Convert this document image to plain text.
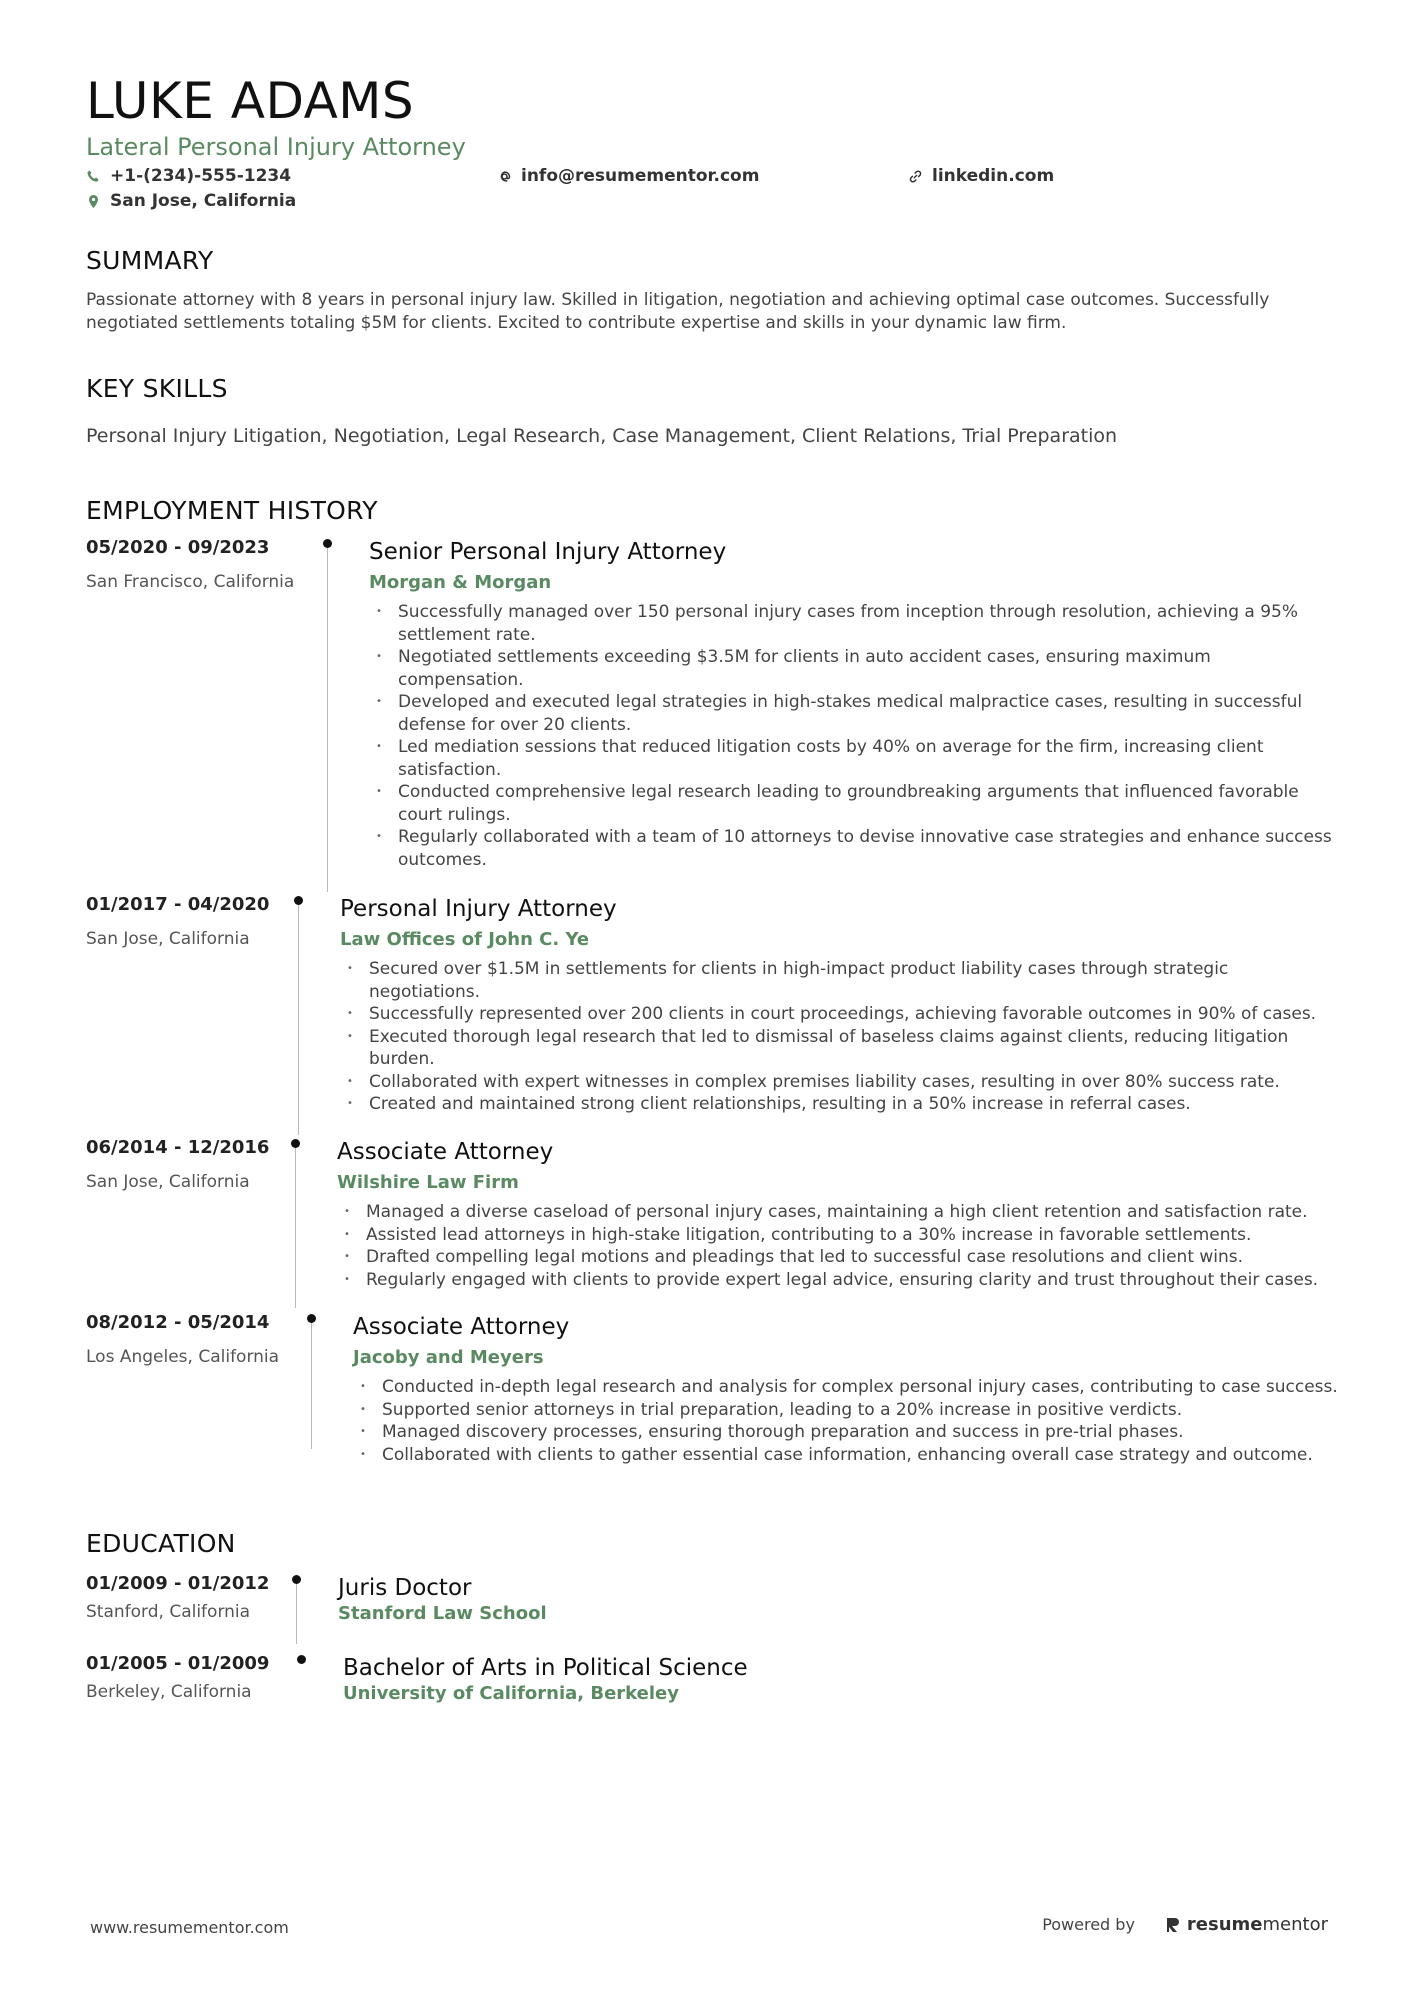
LUKE ADAMS
Lateral Personal Injury Attorney
+1-(234)-555-1234	info@resumementor.com	linkedin.com
San Jose, California
SUMMARY
Passionate attorney with 8 years in personal injury law. Skilled in litigation, negotiation and achieving optimal case outcomes. Successfully negotiated settlements totaling $5M for clients. Excited to contribute expertise and skills in your dynamic law firm.
KEY SKILLS
Personal Injury Litigation, Negotiation, Legal Research, Case Management, Client Relations, Trial Preparation
EMPLOYMENT HISTORY
05/2020 - 09/2023
San Francisco, California
Senior Personal Injury Attorney
Morgan & Morgan
• Successfully managed over 150 personal injury cases from inception through resolution, achieving a 95% settlement rate.
• Negotiated settlements exceeding $3.5M for clients in auto accident cases, ensuring maximum compensation.
• Developed and executed legal strategies in high-stakes medical malpractice cases, resulting in successful defense for over 20 clients.
• Led mediation sessions that reduced litigation costs by 40% on average for the firm, increasing client satisfaction.
• Conducted comprehensive legal research leading to groundbreaking arguments that influenced favorable court rulings.
• Regularly collaborated with a team of 10 attorneys to devise innovative case strategies and enhance success outcomes.
01/2017 - 04/2020
San Jose, California
Personal Injury Attorney
Law Offices of John C. Ye
• Secured over $1.5M in settlements for clients in high-impact product liability cases through strategic negotiations.
• Successfully represented over 200 clients in court proceedings, achieving favorable outcomes in 90% of cases.
• Executed thorough legal research that led to dismissal of baseless claims against clients, reducing litigation burden.
• Collaborated with expert witnesses in complex premises liability cases, resulting in over 80% success rate.
• Created and maintained strong client relationships, resulting in a 50% increase in referral cases.
06/2014 - 12/2016
San Jose, California
Associate Attorney
Wilshire Law Firm
• Managed a diverse caseload of personal injury cases, maintaining a high client retention and satisfaction rate.
• Assisted lead attorneys in high-stake litigation, contributing to a 30% increase in favorable settlements.
• Drafted compelling legal motions and pleadings that led to successful case resolutions and client wins.
• Regularly engaged with clients to provide expert legal advice, ensuring clarity and trust throughout their cases.
08/2012 - 05/2014
Los Angeles, California
Associate Attorney
Jacoby and Meyers
• Conducted in-depth legal research and analysis for complex personal injury cases, contributing to case success.
• Supported senior attorneys in trial preparation, leading to a 20% increase in positive verdicts.
• Managed discovery processes, ensuring thorough preparation and success in pre-trial phases.
• Collaborated with clients to gather essential case information, enhancing overall case strategy and outcome.
EDUCATION
01/2009 - 01/2012
Stanford, California
Juris Doctor
Stanford Law School
01/2005 - 01/2009
Berkeley, California
Bachelor of Arts in Political Science
University of California, Berkeley
www.resumementor.com	Powered by	resume mentor
